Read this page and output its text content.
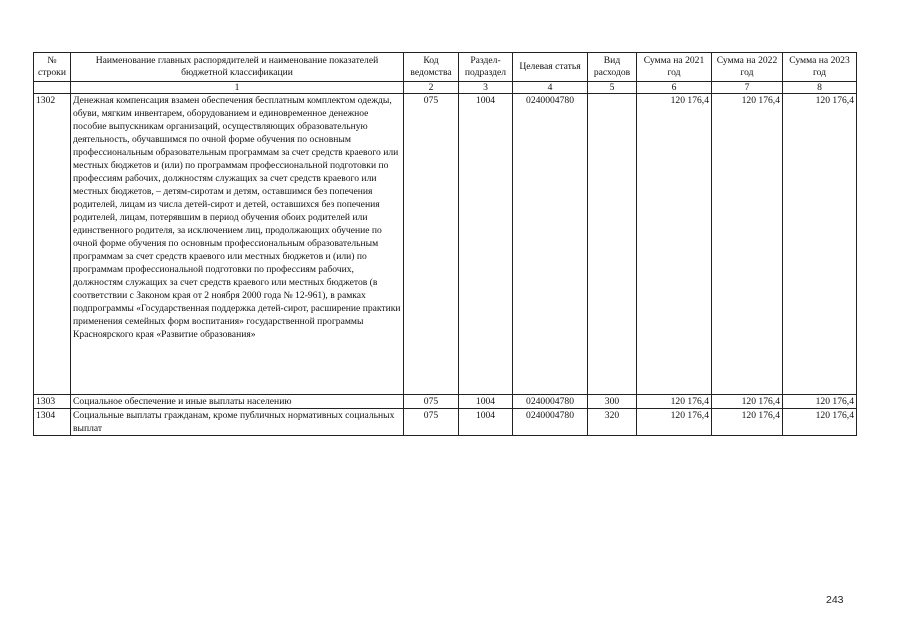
№ строки	Наименование главных распорядителей и наименование показателей бюджетной классификации	Код ведомства	Раздел-подраздел	Целевая статья	Вид расходов	Сумма на 2021 год	Сумма на 2022 год	Сумма на 2023 год
	1	2	3	4	5	6	7	8
1302	Денежная компенсация взамен обеспечения бесплатным комплектом одежды, обуви, мягким инвентарем, оборудованием и единовременное денежное пособие выпускникам организаций, осуществляющих образовательную деятельность, обучавшимся по очной форме обучения по основным профессиональным образовательным программам за счет средств краевого или местных бюджетов и (или) по программам профессиональной подготовки по профессиям рабочих, должностям служащих за счет средств краевого или местных бюджетов, – детям-сиротам и детям, оставшимся без попечения родителей, лицам из числа детей-сирот и детей, оставшихся без попечения родителей, лицам, потерявшим в период обучения обоих родителей или единственного родителя, за исключением лиц, продолжающих обучение по очной форме обучения по основным профессиональным образовательным программам за счет средств краевого или местных бюджетов и (или) по программам профессиональной подготовки по профессиям рабочих, должностям служащих за счет средств краевого или местных бюджетов (в соответствии с Законом края от 2 ноября 2000 года № 12-961), в рамках подпрограммы «Государственная поддержка детей-сирот, расширение практики применения семейных форм воспитания» государственной программы Красноярского края «Развитие образования»	075	1004	0240004780		120 176,4	120 176,4	120 176,4
1303	Социальное обеспечение и иные выплаты населению	075	1004	0240004780	300	120 176,4	120 176,4	120 176,4
1304	Социальные выплаты гражданам, кроме публичных нормативных социальных выплат	075	1004	0240004780	320	120 176,4	120 176,4	120 176,4
243
